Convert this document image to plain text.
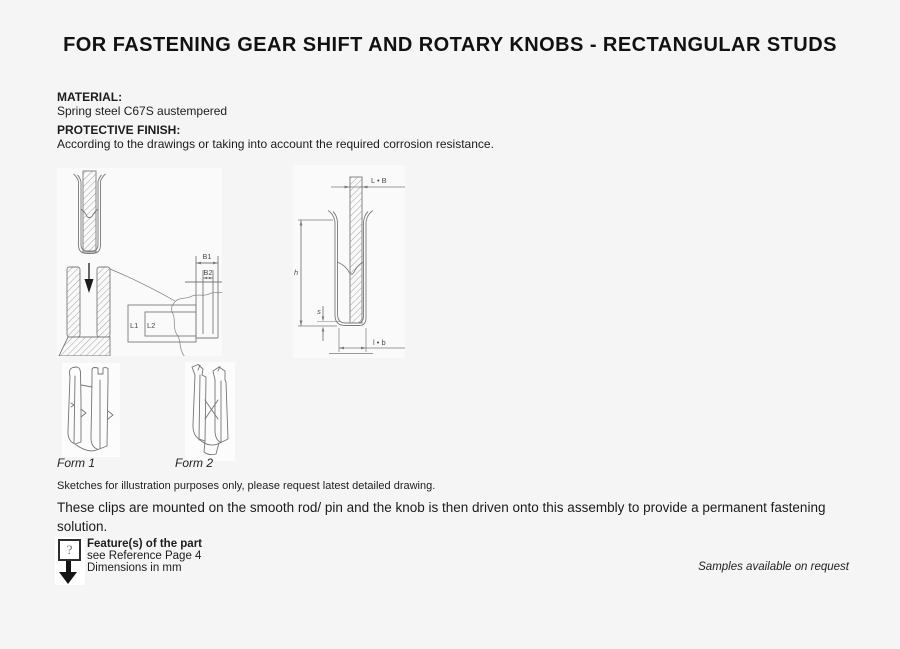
FOR FASTENING GEAR SHIFT AND ROTARY KNOBS - RECTANGULAR STUDS
MATERIAL:
Spring steel C67S austempered
PROTECTIVE FINISH:
According to the drawings or taking into account the required corrosion resistance.
B1
B2
L1 L2
L • B
h
s
l • b
Form 1	Form 2
Sketches for illustration purposes only, please request latest detailed drawing.
These clips are mounted on the smooth rod/ pin and the knob is then driven onto this assembly to provide a permanent fastening solution.
?	Feature(s) of the part
see Reference Page 4
Dimensions in mm	Samples available on request
